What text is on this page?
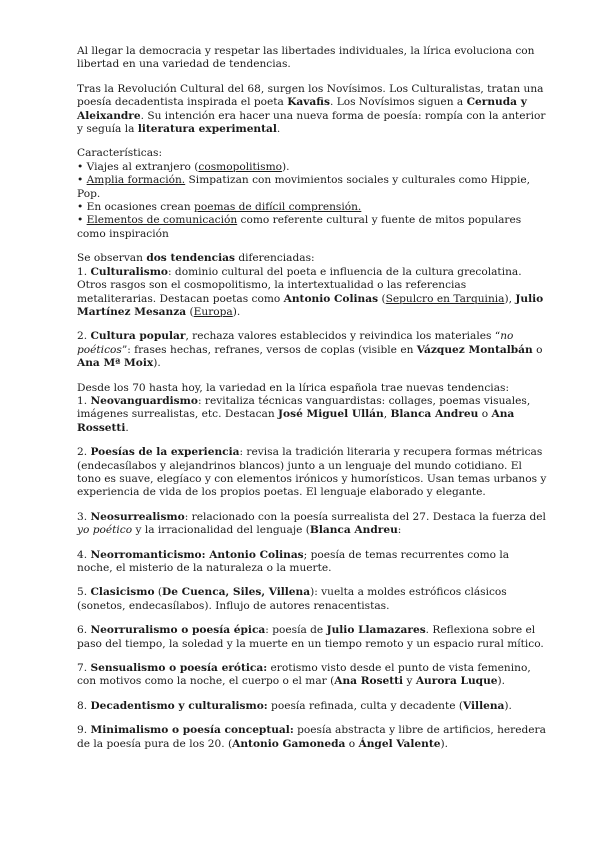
Al llegar la democracia y respetar las libertades individuales, la lírica evoluciona con libertad en una variedad de tendencias.

Tras la Revolución Cultural del 68, surgen los Novísimos. Los Culturalistas, tratan una poesía decadentista inspirada el poeta Kavafis. Los Novísimos siguen a Cernuda y Aleixandre. Su intención era hacer una nueva forma de poesía: rompía con la anterior y seguía la literatura experimental.

Características:
• Viajes al extranjero (cosmopolitismo).
• Amplia formación. Simpatizan con movimientos sociales y culturales como Hippie, Pop.
• En ocasiones crean poemas de difícil comprensión.
• Elementos de comunicación como referente cultural y fuente de mitos populares como inspiración

Se observan dos tendencias diferenciadas:
1. Culturalismo: dominio cultural del poeta e influencia de la cultura grecolatina. Otros rasgos son el cosmopolitismo, la intertextualidad o las referencias metaliterarias. Destacan poetas como Antonio Colinas (Sepulcro en Tarquinia), Julio Martínez Mesanza (Europa).

2. Cultura popular, rechaza valores establecidos y reivindica los materiales “no poéticos”: frases hechas, refranes, versos de coplas (visible en Vázquez Montalbán o Ana Mª Moix).

Desde los 70 hasta hoy, la variedad en la lírica española trae nuevas tendencias:
1. Neovanguardismo: revitaliza técnicas vanguardistas: collages, poemas visuales, imágenes surrealistas, etc. Destacan José Miguel Ullán, Blanca Andreu o Ana Rossetti.

2. Poesías de la experiencia: revisa la tradición literaria y recupera formas métricas (endecasílabos y alejandrinos blancos) junto a un lenguaje del mundo cotidiano. El tono es suave, elegíaco y con elementos irónicos y humorísticos. Usan temas urbanos y experiencia de vida de los propios poetas. El lenguaje elaborado y elegante.

3. Neosurrealismo: relacionado con la poesía surrealista del 27. Destaca la fuerza del yo poético y la irracionalidad del lenguaje (Blanca Andreu:

4. Neorromanticismo: Antonio Colinas; poesía de temas recurrentes como la noche, el misterio de la naturaleza o la muerte.

5. Clasicismo (De Cuenca, Siles, Villena): vuelta a moldes estróficos clásicos (sonetos, endecasílabos). Influjo de autores renacentistas.

6. Neorruralismo o poesía épica: poesía de Julio Llamazares. Reflexiona sobre el paso del tiempo, la soledad y la muerte en un tiempo remoto y un espacio rural mítico.

7. Sensualismo o poesía erótica: erotismo visto desde el punto de vista femenino, con motivos como la noche, el cuerpo o el mar (Ana Rosetti y Aurora Luque).

8. Decadentismo y culturalismo: poesía refinada, culta y decadente (Villena).

9. Minimalismo o poesía conceptual: poesía abstracta y libre de artificios, heredera de la poesía pura de los 20. (Antonio Gamoneda o Ángel Valente).
